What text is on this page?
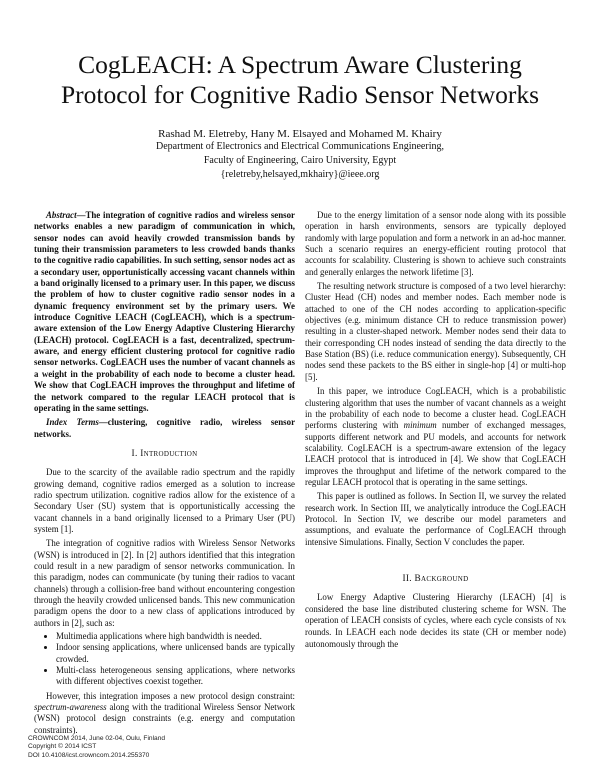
CogLEACH: A Spectrum Aware Clustering
Protocol for Cognitive Radio Sensor Networks
Rashad M. Eletreby, Hany M. Elsayed and Mohamed M. Khairy
Department of Electronics and Electrical Communications Engineering,
Faculty of Engineering, Cairo University, Egypt
{reletreby,helsayed,mkhairy}@ieee.org

Abstract—The integration of cognitive radios and wireless sensor networks enables a new paradigm of communication in which, sensor nodes can avoid heavily crowded transmission bands by tuning their transmission parameters to less crowded bands thanks to the cognitive radio capabilities. In such setting, sensor nodes act as a secondary user, opportunistically accessing vacant channels within a band originally licensed to a primary user. In this paper, we discuss the problem of how to cluster cognitive radio sensor nodes in a dynamic frequency environment set by the primary users. We introduce Cognitive LEACH (CogLEACH), which is a spectrum-aware extension of the Low Energy Adaptive Clustering Hierarchy (LEACH) protocol. CogLEACH is a fast, decentralized, spectrum-aware, and energy efficient clustering protocol for cognitive radio sensor networks. CogLEACH uses the number of vacant channels as a weight in the probability of each node to become a cluster head. We show that CogLEACH improves the throughput and lifetime of the network compared to the regular LEACH protocol that is operating in the same settings.

Index Terms—clustering, cognitive radio, wireless sensor networks.

I. Introduction

Due to the scarcity of the available radio spectrum and the rapidly growing demand, cognitive radios emerged as a solution to increase radio spectrum utilization. cognitive radios allow for the existence of a Secondary User (SU) system that is opportunistically accessing the vacant channels in a band originally licensed to a Primary User (PU) system [1].

The integration of cognitive radios with Wireless Sensor Networks (WSN) is introduced in [2]. In [2] authors identified that this integration could result in a new paradigm of sensor networks communication. In this paradigm, nodes can communicate (by tuning their radios to vacant channels) through a collision-free band without encountering congestion through the heavily crowded unlicensed bands. This new communication paradigm opens the door to a new class of applications introduced by authors in [2], such as:

• Multimedia applications where high bandwidth is needed.
• Indoor sensing applications, where unlicensed bands are typically crowded.
• Multi-class heterogeneous sensing applications, where networks with different objectives coexist together.

However, this integration imposes a new protocol design constraint: spectrum-awareness along with the traditional Wireless Sensor Network (WSN) protocol design constraints (e.g. energy and computation constraints).

Due to the energy limitation of a sensor node along with its possible operation in harsh environments, sensors are typically deployed randomly with large population and form a network in an ad-hoc manner. Such a scenario requires an energy-efficient routing protocol that accounts for scalability. Clustering is shown to achieve such constraints and generally enlarges the network lifetime [3].

The resulting network structure is composed of a two level hierarchy: Cluster Head (CH) nodes and member nodes. Each member node is attached to one of the CH nodes according to application-specific objectives (e.g. minimum distance CH to reduce transmission power) resulting in a cluster-shaped network. Member nodes send their data to their corresponding CH nodes instead of sending the data directly to the Base Station (BS) (i.e. reduce communication energy). Subsequently, CH nodes send these packets to the BS either in single-hop [4] or multi-hop [5].

In this paper, we introduce CogLEACH, which is a probabilistic clustering algorithm that uses the number of vacant channels as a weight in the probability of each node to become a cluster head. CogLEACH performs clustering with minimum number of exchanged messages, supports different network and PU models, and accounts for network scalability. CogLEACH is a spectrum-aware extension of the legacy LEACH protocol that is introduced in [4]. We show that CogLEACH improves the throughput and lifetime of the network compared to the regular LEACH protocol that is operating in the same settings.

This paper is outlined as follows. In Section II, we survey the related research work. In Section III, we analytically introduce the CogLEACH Protocol. In Section IV, we describe our model parameters and assumptions, and evaluate the performance of CogLEACH through intensive Simulations. Finally, Section V concludes the paper.

II. Background

Low Energy Adaptive Clustering Hierarchy (LEACH) [4] is considered the base line distributed clustering scheme for WSN. The operation of LEACH consists of cycles, where each cycle consists of N/k rounds. In LEACH each node decides its state (CH or member node) autonomously through the

CROWNCOM 2014, June 02-04, Oulu, Finland
Copyright © 2014 ICST
DOI 10.4108/icst.crowncom.2014.255370
